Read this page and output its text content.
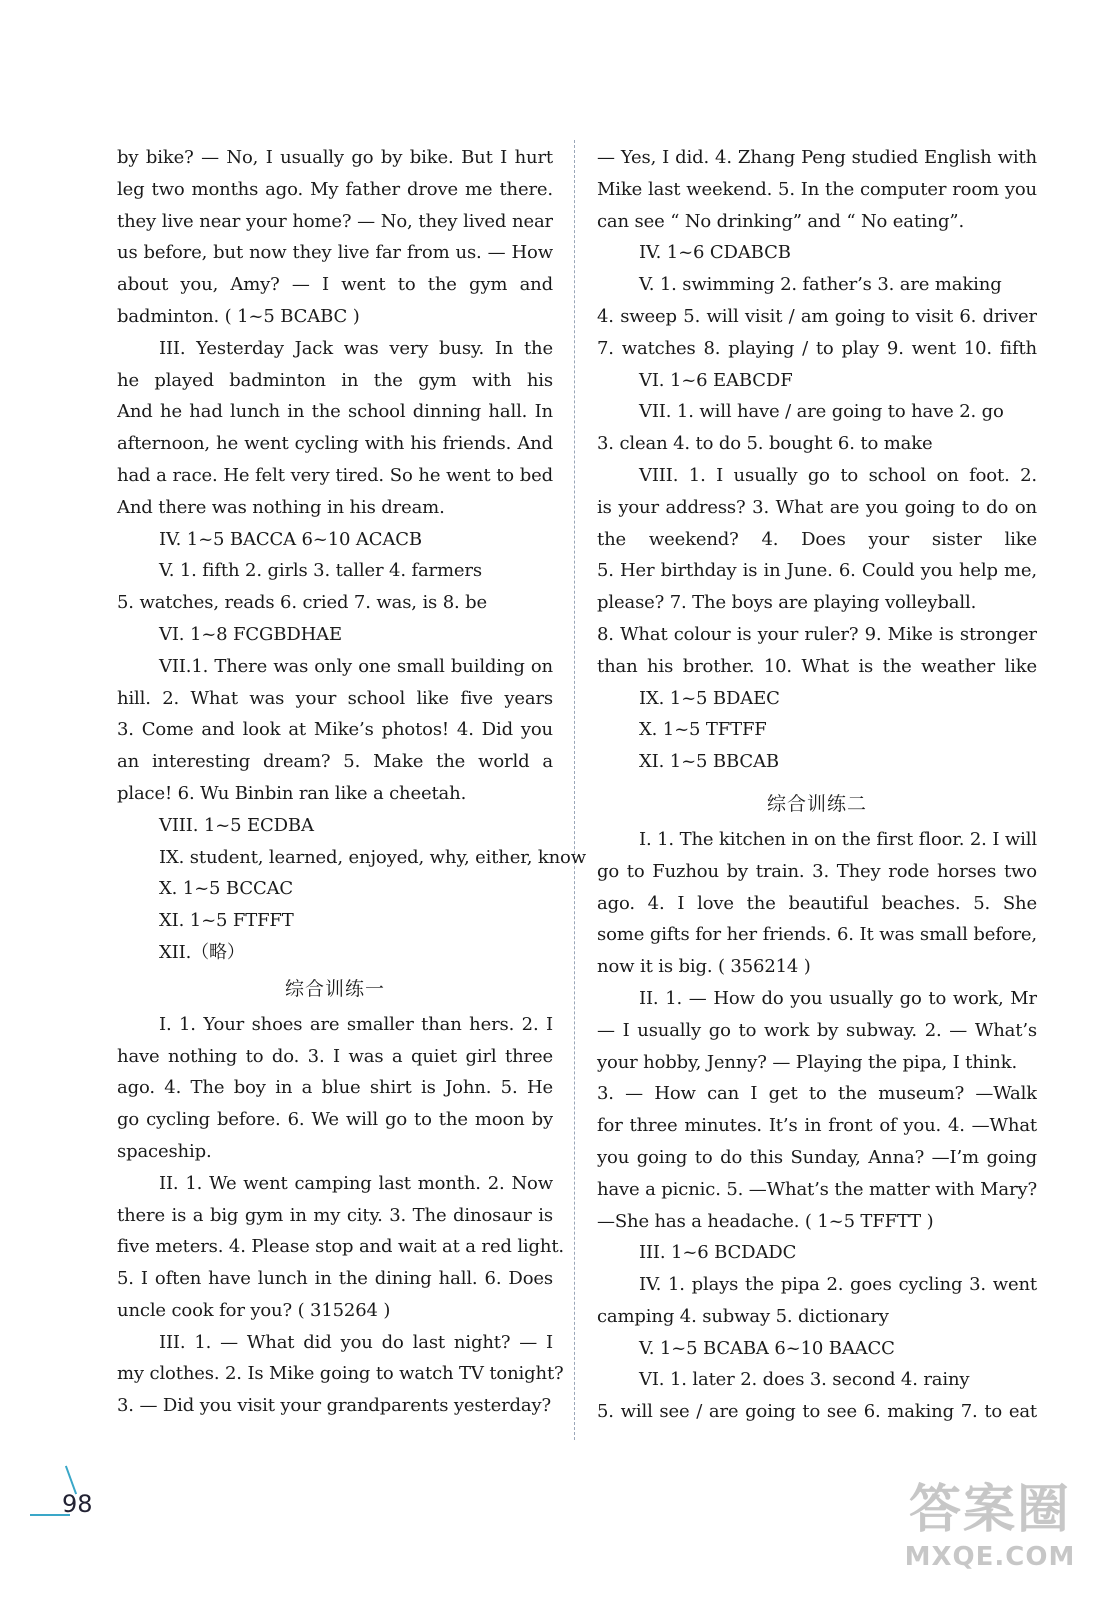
by bike? — No, I usually go by bike. But I hurt
leg two months ago. My father drove me there.
they live near your home? — No, they lived near
us before, but now they live far from us. — How
about you, Amy? — I went to the gym and
badminton. ( 1~5 BCABC )
III. Yesterday Jack was very busy. In the
he played badminton in the gym with his
And he had lunch in the school dinning hall. In
afternoon, he went cycling with his friends. And
had a race. He felt very tired. So he went to bed
And there was nothing in his dream.
IV. 1~5 BACCA 6~10 ACACB
V. 1. fifth 2. girls 3. taller 4. farmers
5. watches, reads 6. cried 7. was, is 8. be
VI. 1~8 FCGBDHAE
VII.1. There was only one small building on
hill. 2. What was your school like five years
3. Come and look at Mike’s photos! 4. Did you
an interesting dream? 5. Make the world a
place! 6. Wu Binbin ran like a cheetah.
VIII. 1~5 ECDBA
IX. student, learned, enjoyed, why, either, know
X. 1~5 BCCAC
XI. 1~5 FTFFT
XII.（略）
综合训练一
I. 1. Your shoes are smaller than hers. 2. I
have nothing to do. 3. I was a quiet girl three
ago. 4. The boy in a blue shirt is John. 5. He
go cycling before. 6. We will go to the moon by
spaceship.
II. 1. We went camping last month. 2. Now
there is a big gym in my city. 3. The dinosaur is
five meters. 4. Please stop and wait at a red light.
5. I often have lunch in the dining hall. 6. Does
uncle cook for you? ( 315264 )
III. 1. — What did you do last night? — I
my clothes. 2. Is Mike going to watch TV tonight?
3. — Did you visit your grandparents yesterday?
— Yes, I did. 4. Zhang Peng studied English with
Mike last weekend. 5. In the computer room you
can see “ No drinking” and “ No eating”.
IV. 1~6 CDABCB
V. 1. swimming 2. father’s 3. are making
4. sweep 5. will visit / am going to visit 6. driver
7. watches 8. playing / to play 9. went 10. fifth
VI. 1~6 EABCDF
VII. 1. will have / are going to have 2. go
3. clean 4. to do 5. bought 6. to make
VIII. 1. I usually go to school on foot. 2.
is your address? 3. What are you going to do on
the weekend? 4. Does your sister like
5. Her birthday is in June. 6. Could you help me,
please? 7. The boys are playing volleyball.
8. What colour is your ruler? 9. Mike is stronger
than his brother. 10. What is the weather like
IX. 1~5 BDAEC
X. 1~5 TFTFF
XI. 1~5 BBCAB
综合训练二
I. 1. The kitchen in on the first floor. 2. I will
go to Fuzhou by train. 3. They rode horses two
ago. 4. I love the beautiful beaches. 5. She
some gifts for her friends. 6. It was small before,
now it is big. ( 356214 )
II. 1. — How do you usually go to work, Mr
— I usually go to work by subway. 2. — What’s
your hobby, Jenny? — Playing the pipa, I think.
3. — How can I get to the museum? —Walk
for three minutes. It’s in front of you. 4. —What
you going to do this Sunday, Anna? —I’m going
have a picnic. 5. —What’s the matter with Mary?
—She has a headache. ( 1~5 TFFTT )
III. 1~6 BCDADC
IV. 1. plays the pipa 2. goes cycling 3. went
camping 4. subway 5. dictionary
V. 1~5 BCABA 6~10 BAACC
VI. 1. later 2. does 3. second 4. rainy
5. will see / are going to see 6. making 7. to eat
98	答案圈
MXQE.COM
